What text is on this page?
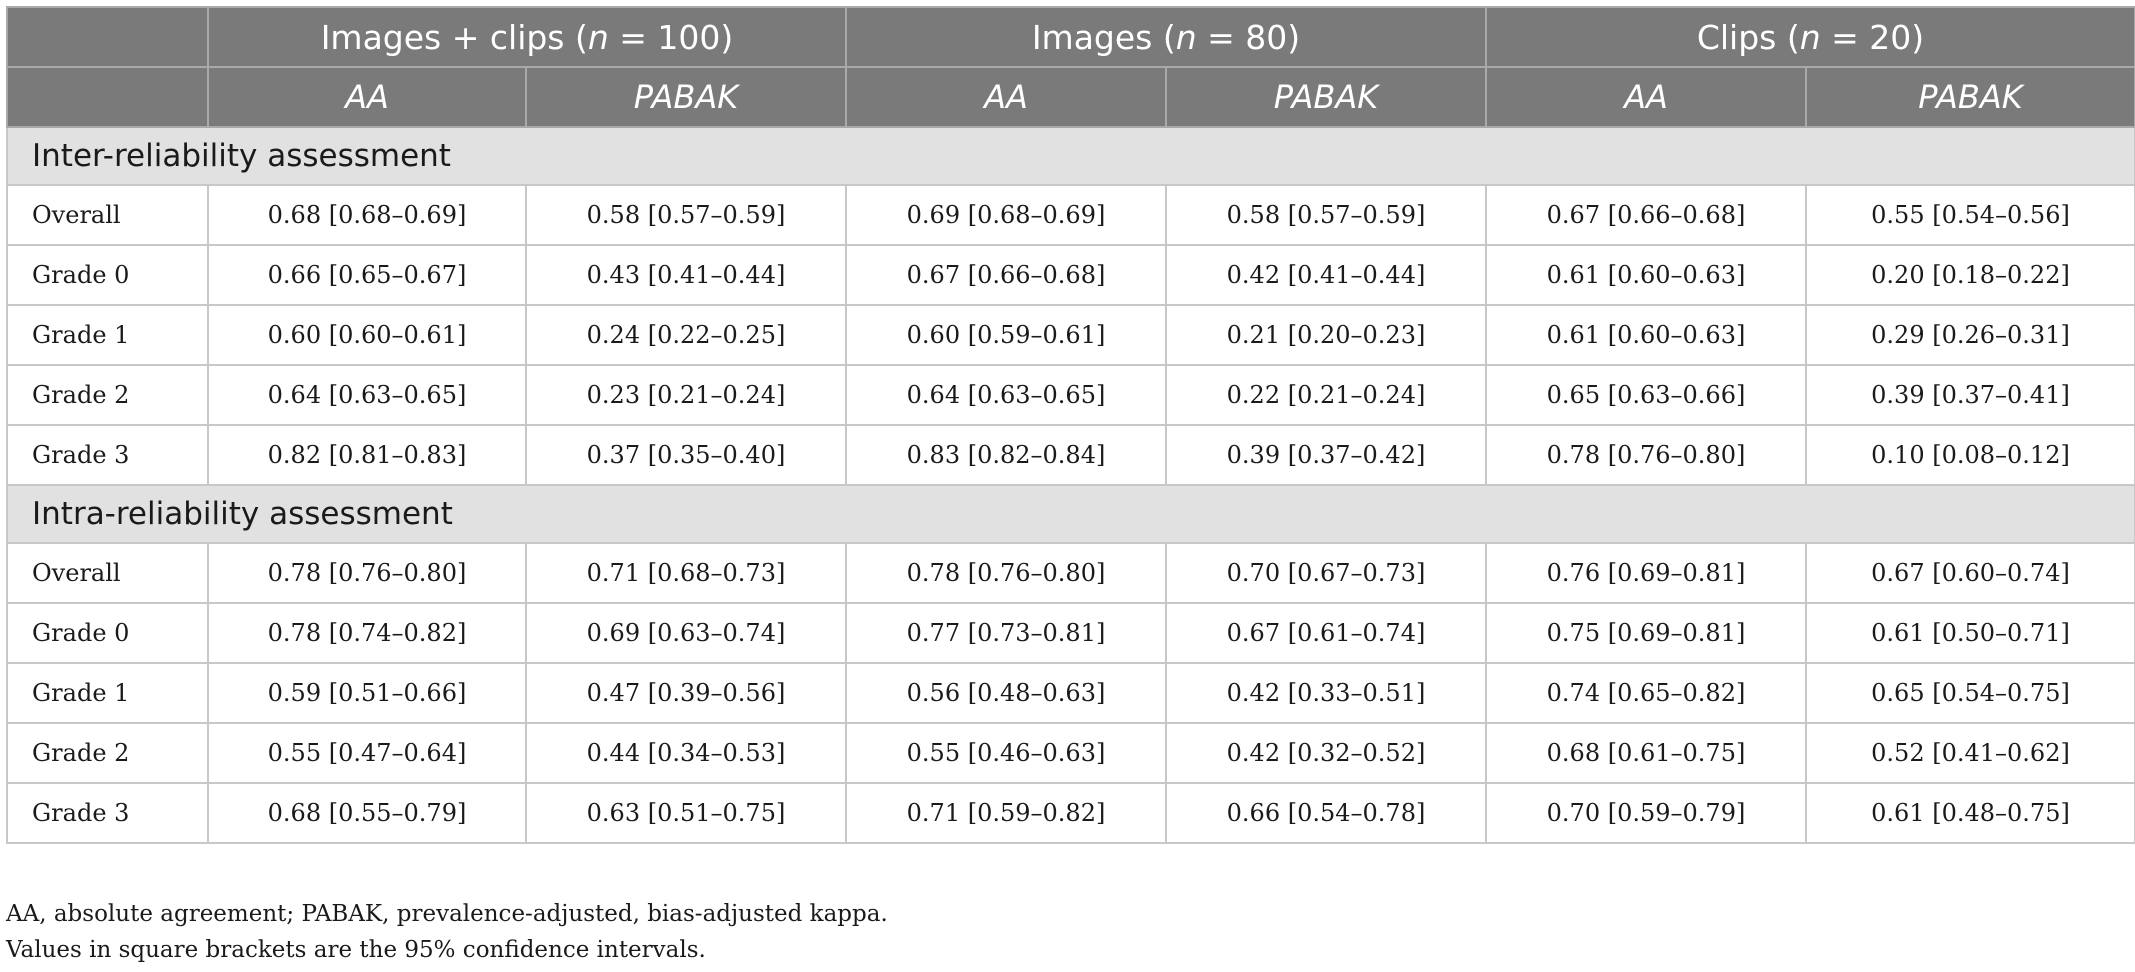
	Images + clips (n = 100)		Images (n = 80)		Clips (n = 20)	
	AA	PABAK	AA	PABAK	AA	PABAK
Inter-reliability assessment						
Overall	0.68 [0.68–0.69]	0.58 [0.57–0.59]	0.69 [0.68–0.69]	0.58 [0.57–0.59]	0.67 [0.66–0.68]	0.55 [0.54–0.56]
Grade 0	0.66 [0.65–0.67]	0.43 [0.41–0.44]	0.67 [0.66–0.68]	0.42 [0.41–0.44]	0.61 [0.60–0.63]	0.20 [0.18–0.22]
Grade 1	0.60 [0.60–0.61]	0.24 [0.22–0.25]	0.60 [0.59–0.61]	0.21 [0.20–0.23]	0.61 [0.60–0.63]	0.29 [0.26–0.31]
Grade 2	0.64 [0.63–0.65]	0.23 [0.21–0.24]	0.64 [0.63–0.65]	0.22 [0.21–0.24]	0.65 [0.63–0.66]	0.39 [0.37–0.41]
Grade 3	0.82 [0.81–0.83]	0.37 [0.35–0.40]	0.83 [0.82–0.84]	0.39 [0.37–0.42]	0.78 [0.76–0.80]	0.10 [0.08–0.12]
Intra-reliability assessment						
Overall	0.78 [0.76–0.80]	0.71 [0.68–0.73]	0.78 [0.76–0.80]	0.70 [0.67–0.73]	0.76 [0.69–0.81]	0.67 [0.60–0.74]
Grade 0	0.78 [0.74–0.82]	0.69 [0.63–0.74]	0.77 [0.73–0.81]	0.67 [0.61–0.74]	0.75 [0.69–0.81]	0.61 [0.50–0.71]
Grade 1	0.59 [0.51–0.66]	0.47 [0.39–0.56]	0.56 [0.48–0.63]	0.42 [0.33–0.51]	0.74 [0.65–0.82]	0.65 [0.54–0.75]
Grade 2	0.55 [0.47–0.64]	0.44 [0.34–0.53]	0.55 [0.46–0.63]	0.42 [0.32–0.52]	0.68 [0.61–0.75]	0.52 [0.41–0.62]
Grade 3	0.68 [0.55–0.79]	0.63 [0.51–0.75]	0.71 [0.59–0.82]	0.66 [0.54–0.78]	0.70 [0.59–0.79]	0.61 [0.48–0.75]

AA, absolute agreement; PABAK, prevalence-adjusted, bias-adjusted kappa.

Values in square brackets are the 95% confidence intervals.
